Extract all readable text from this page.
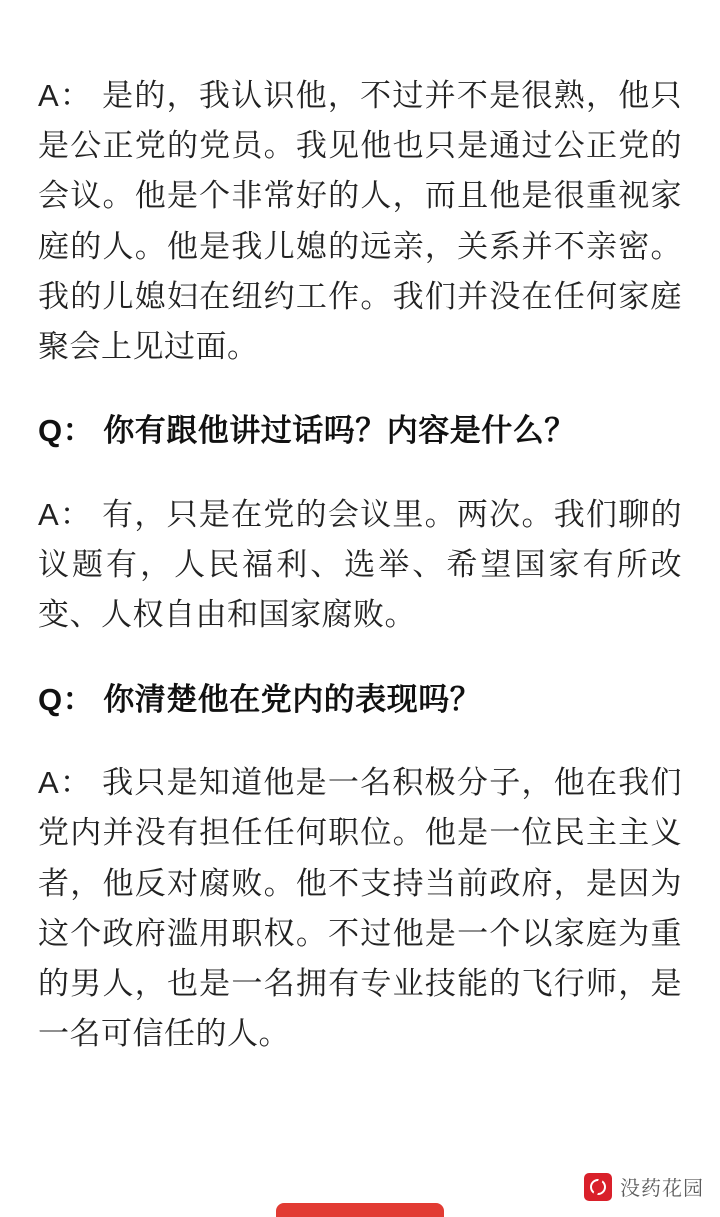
A： 是的，我认识他，不过并不是很熟，他只是公正党的党员。我见他也只是通过公正党的会议。他是个非常好的人，而且他是很重视家庭的人。他是我儿媳的远亲，关系并不亲密。我的儿媳妇在纽约工作。我们并没在任何家庭聚会上见过面。

Q： 你有跟他讲过话吗？内容是什么？

A： 有，只是在党的会议里。两次。我们聊的议题有，人民福利、选举、希望国家有所改变、人权自由和国家腐败。

Q： 你清楚他在党内的表现吗？

A： 我只是知道他是一名积极分子，他在我们党内并没有担任任何职位。他是一位民主主义者，他反对腐败。他不支持当前政府，是因为这个政府滥用职权。不过他是一个以家庭为重的男人，也是一名拥有专业技能的飞行师，是一名可信任的人。

没药花园
